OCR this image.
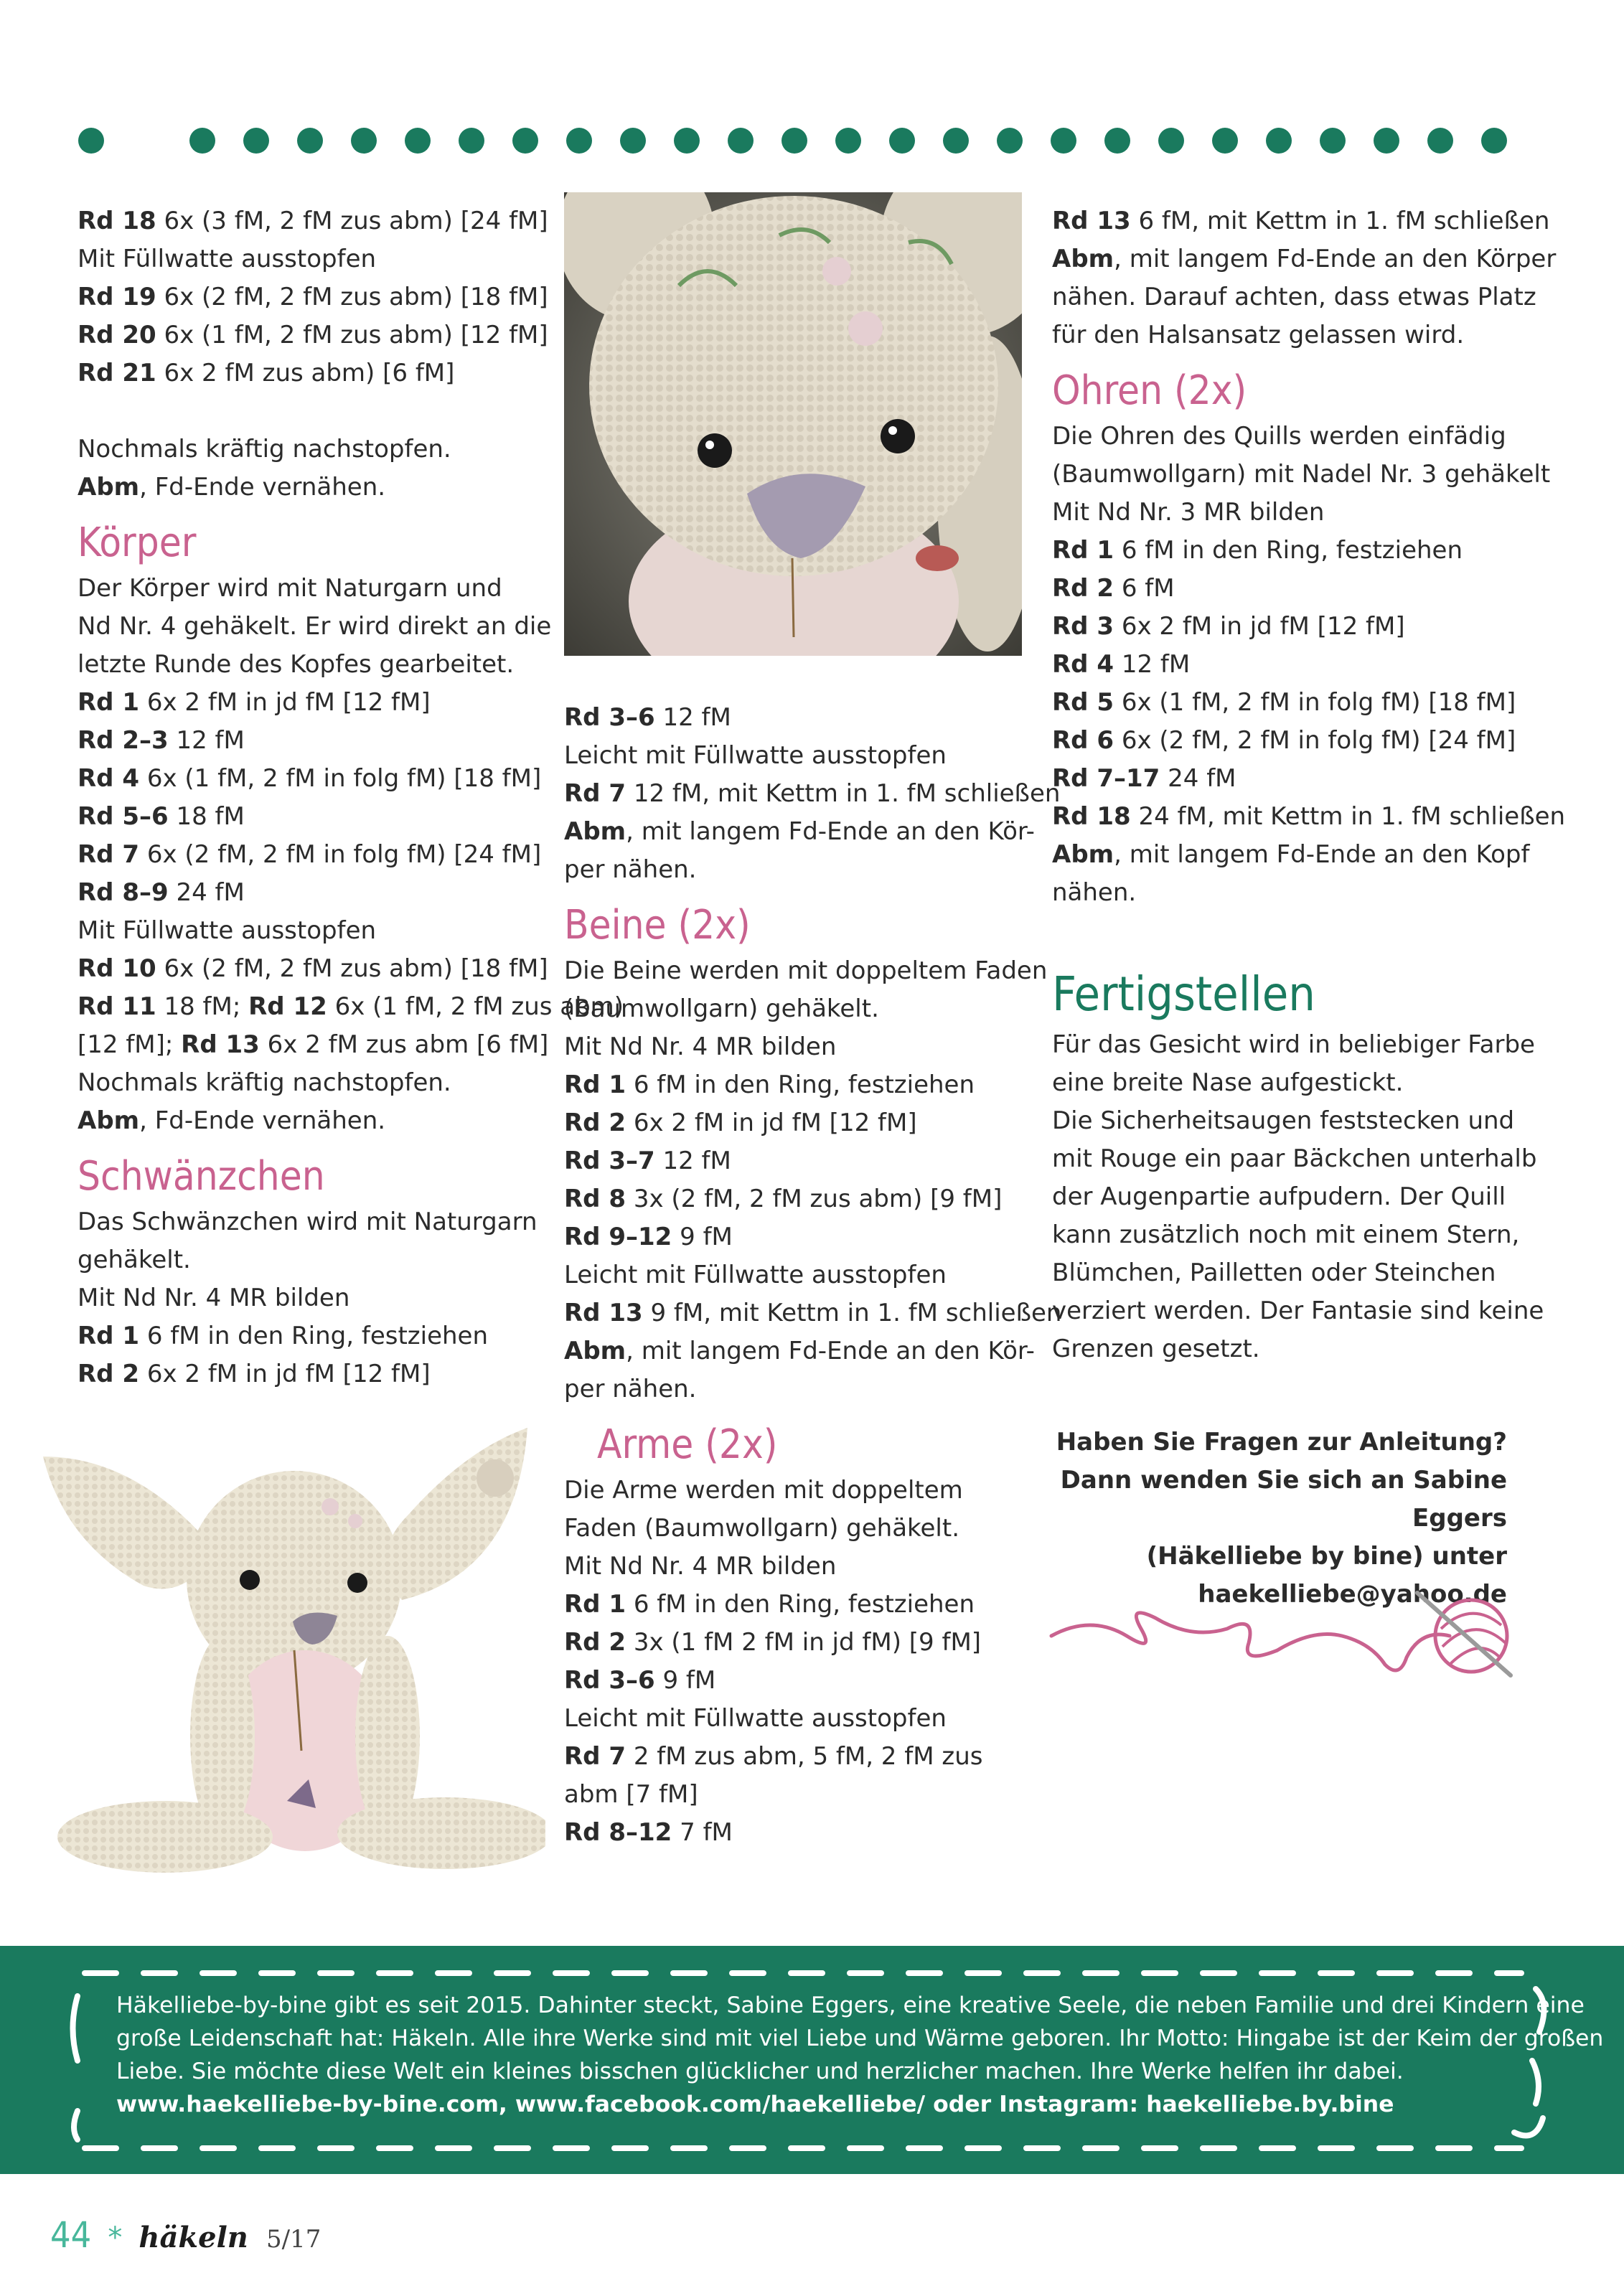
Rd 18 6x (3 fM, 2 fM zus abm) [24 fM]

Mit Füllwatte ausstopfen

Rd 19 6x (2 fM, 2 fM zus abm) [18 fM]

Rd 20 6x (1 fM, 2 fM zus abm) [12 fM]

Rd 21 6x 2 fM zus abm) [6 fM]

Nochmals kräftig nachstopfen.

Abm, Fd-Ende vernähen.

Körper

Der Körper wird mit Naturgarn und

Nd Nr. 4 gehäkelt. Er wird direkt an die

letzte Runde des Kopfes gearbeitet.

Rd 1 6x 2 fM in jd fM [12 fM]

Rd 2–3 12 fM

Rd 4 6x (1 fM, 2 fM in folg fM) [18 fM]

Rd 5–6 18 fM

Rd 7 6x (2 fM, 2 fM in folg fM) [24 fM]

Rd 8–9 24 fM

Mit Füllwatte ausstopfen

Rd 10 6x (2 fM, 2 fM zus abm) [18 fM]

Rd 11 18 fM; Rd 12 6x (1 fM, 2 fM zus abm)

[12 fM]; Rd 13 6x 2 fM zus abm [6 fM]

Nochmals kräftig nachstopfen.

Abm, Fd-Ende vernähen.

Schwänzchen

Das Schwänzchen wird mit Naturgarn

gehäkelt.

Mit Nd Nr. 4 MR bilden

Rd 1 6 fM in den Ring, festziehen

Rd 2 6x 2 fM in jd fM [12 fM]

Rd 3–6 12 fM

Leicht mit Füllwatte ausstopfen

Rd 7 12 fM, mit Kettm in 1. fM schließen

Abm, mit langem Fd-Ende an den Kör-

per nähen.

Beine (2x)

Die Beine werden mit doppeltem Faden

(Baumwollgarn) gehäkelt.

Mit Nd Nr. 4 MR bilden

Rd 1 6 fM in den Ring, festziehen

Rd 2 6x 2 fM in jd fM [12 fM]

Rd 3–7 12 fM

Rd 8 3x (2 fM, 2 fM zus abm) [9 fM]

Rd 9–12 9 fM

Leicht mit Füllwatte ausstopfen

Rd 13 9 fM, mit Kettm in 1. fM schließen

Abm, mit langem Fd-Ende an den Kör-

per nähen.

Arme (2x)

Die Arme werden mit doppeltem

Faden (Baumwollgarn) gehäkelt.

Mit Nd Nr. 4 MR bilden

Rd 1 6 fM in den Ring, festziehen

Rd 2 3x (1 fM 2 fM in jd fM) [9 fM]

Rd 3–6 9 fM

Leicht mit Füllwatte ausstopfen

Rd 7 2 fM zus abm, 5 fM, 2 fM zus

abm [7 fM]

Rd 8–12 7 fM

Rd 13 6 fM, mit Kettm in 1. fM schließen

Abm, mit langem Fd-Ende an den Körper

nähen. Darauf achten, dass etwas Platz

für den Halsansatz gelassen wird.

Ohren (2x)

Die Ohren des Quills werden einfädig

(Baumwollgarn) mit Nadel Nr. 3 gehäkelt

Mit Nd Nr. 3 MR bilden

Rd 1 6 fM in den Ring, festziehen

Rd 2 6 fM

Rd 3 6x 2 fM in jd fM [12 fM]

Rd 4 12 fM

Rd 5 6x (1 fM, 2 fM in folg fM) [18 fM]

Rd 6 6x (2 fM, 2 fM in folg fM) [24 fM]

Rd 7–17 24 fM

Rd 18 24 fM, mit Kettm in 1. fM schließen

Abm, mit langem Fd-Ende an den Kopf

nähen.

Fertigstellen

Für das Gesicht wird in beliebiger Farbe

eine breite Nase aufgestickt.

Die Sicherheitsaugen feststecken und

mit Rouge ein paar Bäckchen unterhalb

der Augenpartie aufpudern. Der Quill

kann zusätzlich noch mit einem Stern,

Blümchen, Pailletten oder Steinchen

verziert werden. Der Fantasie sind keine

Grenzen gesetzt.

Haben Sie Fragen zur Anleitung?

Dann wenden Sie sich an Sabine Eggers

(Häkelliebe by bine) unter

haekelliebe@yahoo.de

Häkelliebe-by-bine gibt es seit 2015. Dahinter steckt, Sabine Eggers, eine kreative Seele, die neben Familie und drei Kindern eine

große Leidenschaft hat: Häkeln. Alle ihre Werke sind mit viel Liebe und Wärme geboren. Ihr Motto: Hingabe ist der Keim der großen

Liebe. Sie möchte diese Welt ein kleines bisschen glücklicher und herzlicher machen. Ihre Werke helfen ihr dabei.

www.haekelliebe-by-bine.com, www.facebook.com/haekelliebe/ oder Instagram: haekelliebe.by.bine

44 * häkeln 5/17
